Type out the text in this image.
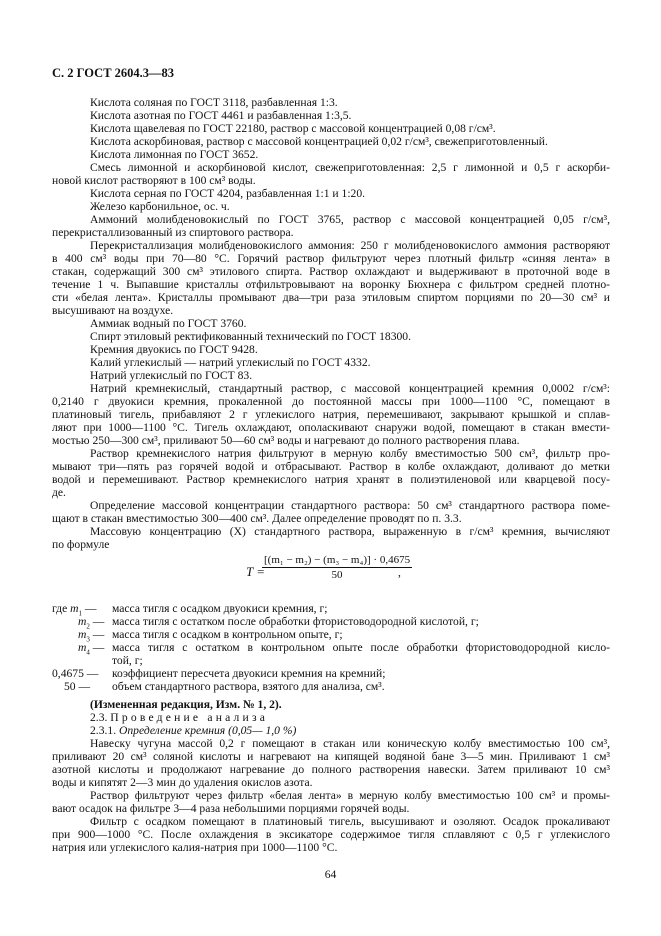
С. 2 ГОСТ 2604.3—83
Кислота соляная по ГОСТ 3118, разбавленная 1:3.
Кислота азотная по ГОСТ 4461 и разбавленная 1:3,5.
Кислота щавелевая по ГОСТ 22180, раствор с массовой концентрацией 0,08 г/см³.
Кислота аскорбиновая, раствор с массовой концентрацией 0,02 г/см³, свежеприготовленный.
Кислота лимонная по ГОСТ 3652.
Смесь лимонной и аскорбиновой кислот, свежеприготовленная: 2,5 г лимонной и 0,5 г аскорби-
новой кислот растворяют в 100 см³ воды.
Кислота серная по ГОСТ 4204, разбавленная 1:1 и 1:20.
Железо карбонильное, ос. ч.
Аммоний молибденовокислый по ГОСТ 3765, раствор с массовой концентрацией 0,05 г/см³,
перекристаллизованный из спиртового раствора.
Перекристаллизация молибденовокислого аммония: 250 г молибденовокислого аммония растворяют
в 400 см³ воды при 70—80 °С. Горячий раствор фильтруют через плотный фильтр «синяя лента» в
стакан, содержащий 300 см³ этилового спирта. Раствор охлаждают и выдерживают в проточной воде в
течение 1 ч. Выпавшие кристаллы отфильтровывают на воронку Бюхнера с фильтром средней плотно-
сти «белая лента». Кристаллы промывают два—три раза этиловым спиртом порциями по 20—30 см³ и
высушивают на воздухе.
Аммиак водный по ГОСТ 3760.
Спирт этиловый ректификованный технический по ГОСТ 18300.
Кремния двуокись по ГОСТ 9428.
Калий углекислый — натрий углекислый по ГОСТ 4332.
Натрий углекислый по ГОСТ 83.
Натрий кремнекислый, стандартный раствор, с массовой концентрацией кремния 0,0002 г/см³:
0,2140 г двуокиси кремния, прокаленной до постоянной массы при 1000—1100 °С, помещают в
платиновый тигель, прибавляют 2 г углекислого натрия, перемешивают, закрывают крышкой и сплав-
ляют при 1000—1100 °С. Тигель охлаждают, ополаскивают снаружи водой, помещают в стакан вмести-
мостью 250—300 см³, приливают 50—60 см³ воды и нагревают до полного растворения плава.
Раствор кремнекислого натрия фильтруют в мерную колбу вместимостью 500 см³, фильтр про-
мывают три—пять раз горячей водой и отбрасывают. Раствор в колбе охлаждают, доливают до метки
водой и перемешивают. Раствор кремнекислого натрия хранят в полиэтиленовой или кварцевой посу-
де.
Определение массовой концентрации стандартного раствора: 50 см³ стандартного раствора поме-
щают в стакан вместимостью 300—400 см³. Далее определение проводят по п. 3.3.
Массовую концентрацию (X) стандартного раствора, выраженную в г/см³ кремния, вычисляют
по формуле
T =
$\frac{\text{[(m₁ − m₂) − (m₃ − m₄)] · 0,4675}}{50}$
,
где $m_1$ — масса тигля с осадком двуокиси кремния, г;
$m_2$ — масса тигля с остатком после обработки фтористоводородной кислотой, г;
$m_3$ — масса тигля с осадком в контрольном опыте, г;
$m_4$ — масса тигля с остатком в контрольном опыте после обработки фтористоводородной кисло-
той, г;
0,4675 — коэффициент пересчета двуокиси кремния на кремний;
50 — объем стандартного раствора, взятого для анализа, см³.
(Измененная редакция, Изм. № 1, 2).
2.3. Проведение анализа
2.3.1. Определение кремния (0,05— 1,0 %)
Навеску чугуна массой 0,2 г помещают в стакан или коническую колбу вместимостью 100 см³,
приливают 20 см³ соляной кислоты и нагревают на кипящей водяной бане 3—5 мин. Приливают 1 см³
азотной кислоты и продолжают нагревание до полного растворения навески. Затем приливают 10 см³
воды и кипятят 2—3 мин до удаления окислов азота.
Раствор фильтруют через фильтр «белая лента» в мерную колбу вместимостью 100 см³ и промы-
вают осадок на фильтре 3—4 раза небольшими порциями горячей воды.
Фильтр с осадком помещают в платиновый тигель, высушивают и озоляют. Осадок прокаливают
при 900—1000 °С. После охлаждения в эксикаторе содержимое тигля сплавляют с 0,5 г углекислого
натрия или углекислого калия-натрия при 1000—1100 °С.
64
